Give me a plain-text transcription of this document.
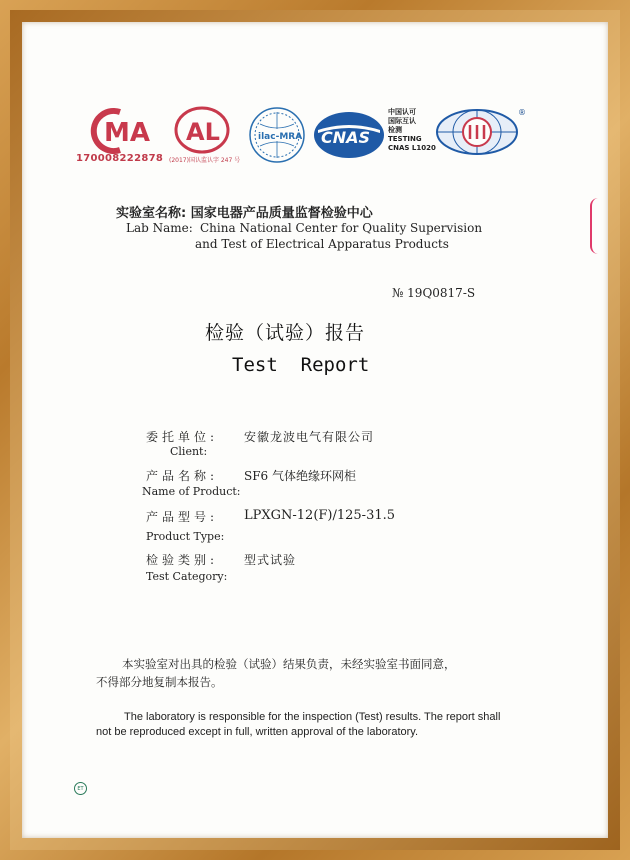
MA
170008222878
AL
(2017)国认监认字 247 号
ilac-MRA CNAS
中国认可
国际互认
检测
TESTING
CNAS L1020
®
实验室名称: 国家电器产品质量监督检验中心
Lab Name: China National Center for Quality Supervision
and Test of Electrical Apparatus Products
№ 19Q0817-S
检验（试验）报告
Test  Report
委托单位: 安徽龙波电气有限公司
Client:
产品名称: SF6 气体绝缘环网柜
Name of Product:
产品型号: LPXGN-12(F)/125-31.5
Product Type:
检验类别: 型式试验
Test Category:
本实验室对出具的检验（试验）结果负责，未经实验室书面同意，
不得部分地复制本报告。
The laboratory is responsible for the inspection (Test) results. The report shall
not be reproduced except in full, written approval of the laboratory.
ET
